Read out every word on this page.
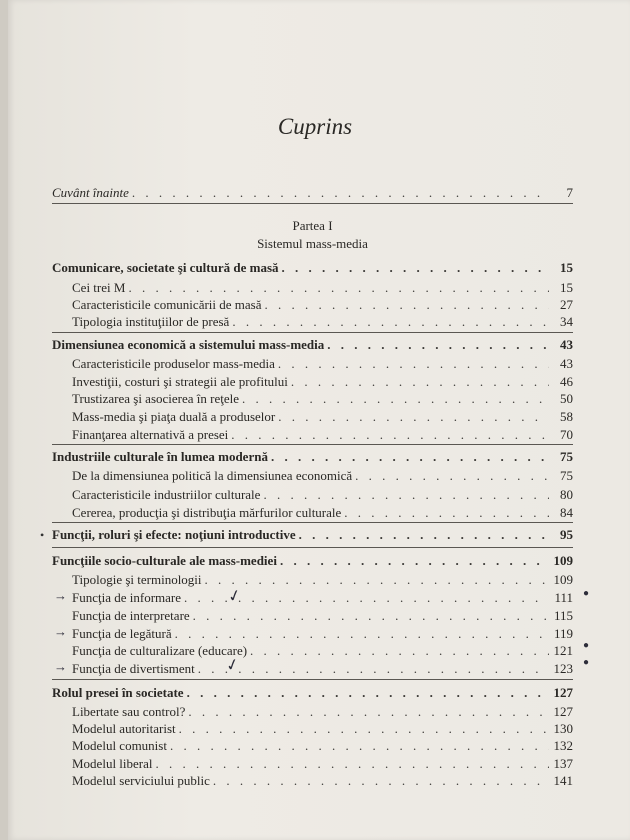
Cuprins
Cuvânt înainte . . .	7
Partea I
Sistemul mass-media
Comunicare, societate şi cultură de masă . . .	15
Cei trei M . . .	15
Caracteristicile comunicării de masă . . .	27
Tipologia instituţiilor de presă . . .	34
Dimensiunea economică a sistemului mass-media . . .	43
Caracteristicile produselor mass-media . . .	43
Investiţii, costuri şi strategii ale profitului . . .	46
Trustizarea şi asocierea în reţele . . .	50
Mass-media şi piaţa duală a produselor . . .	58
Finanţarea alternativă a presei . . .	70
Industriile culturale în lumea modernă . . .	75
De la dimensiunea politică la dimensiunea economică . . .	75
Caracteristicile industriilor culturale . . .	80
Cererea, producţia şi distribuţia mărfurilor culturale . . .	84
• Funcţii, roluri şi efecte: noţiuni introductive . . .	95
Funcţiile socio-culturale ale mass-mediei . . .	109
Tipologie şi terminologii . . .	109
→ Funcţia de informare . . .	111
✓	●
Funcţia de interpretare . . .	115
→ Funcţia de legătură . . .	119
Funcţia de culturalizare (educare) . . .	121 ●
→ Funcţia de divertisment . . .	123
✓	●
Rolul presei în societate . . .	127
Libertate sau control? . . .	127
Modelul autoritarist . . .	130
Modelul comunist . . .	132
Modelul liberal . . .	137
Modelul serviciului public . . .	141
